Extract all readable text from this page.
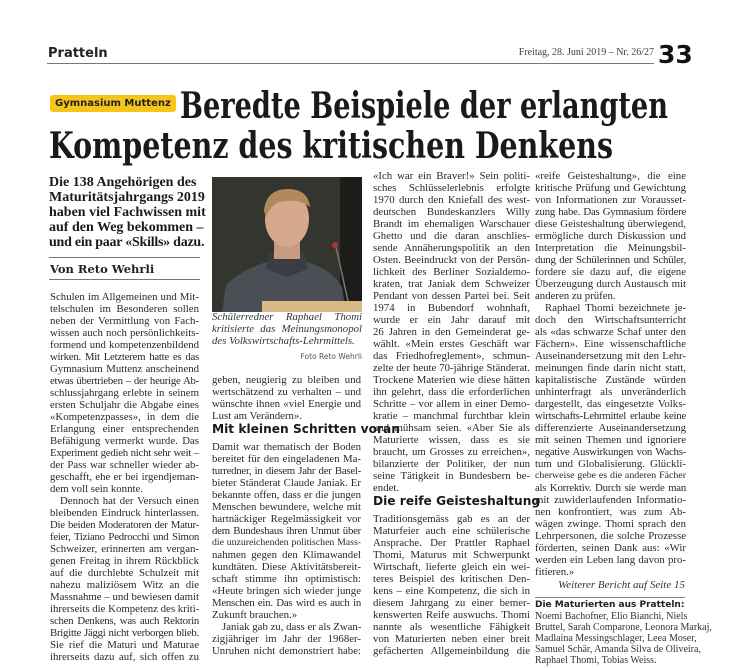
Pratteln	Freitag, 28. Juni 2019 – Nr. 26/27 33
Gymnasium Muttenz Beredte Beispiele der erlangten
Kompetenz des kritischen Denkens
Die 138 Angehörigen des
Maturitätsjahrgangs 2019
haben viel Fachwissen mit
auf den Weg bekommen –
und ein paar «Skills» dazu.
Von Reto Wehrli
Schülerredner Raphael Thomi
kritisierte das Meinungsmonopol
des Volkswirtschafts-Lehrmittels.
Foto Reto Wehrli
Schulen im Allgemeinen und Mit-
telschulen im Besonderen sollen
neben der Vermittlung von Fach-
wissen auch noch persönlichkeits-
formend und kompetenzenbildend
wirken. Mit Letzterem hatte es das
Gymnasium Muttenz anscheinend
etwas übertrieben – der heurige Ab-
schlussjahrgang erlebte in seinem
ersten Schuljahr die Abgabe eines
«Kompetenzpasses», in dem die
Erlangung einer entsprechenden
Befähigung vermerkt wurde. Das
Experiment gedieh nicht sehr weit –
der Pass war schneller wieder ab-
geschafft, ehe er bei irgendjeman-
dem voll sein konnte.
Dennoch hat der Versuch einen
bleibenden Eindruck hinterlassen.
Die beiden Moderatoren der Matur-
feier, Tiziano Pedrocchi und Simon
Schweizer, erinnerten am vergan-
genen Freitag in ihrem Rückblick
auf die durchlebte Schulzeit mit
nahezu maliziösem Witz an die
Massnahme – und bewiesen damit
ihrerseits die Kompetenz des kriti-
schen Denkens, was auch Rektorin
Brigitte Jäggi nicht verborgen blieb.
Sie rief die Maturi und Maturae
ihrerseits dazu auf, sich offen zu
geben, neugierig zu bleiben und
wertschätzend zu verhalten – und
wünschte ihnen «viel Energie und
Lust am Verändern».
Mit kleinen Schritten voran
Damit war thematisch der Boden
bereitet für den eingeladenen Ma-
turredner, in diesem Jahr der Basel-
bieter Ständerat Claude Janiak. Er
bekannte offen, dass er die jungen
Menschen bewundere, welche mit
hartnäckiger Regelmässigkeit vor
dem Bundeshaus ihren Unmut über
die unzureichenden politischen Mass-
nahmen gegen den Klimawandel
kundtäten. Diese Aktivitätsbereit-
schaft stimme ihn optimistisch:
«Heute bringen sich wieder junge
Menschen ein. Das wird es auch in
Zukunft brauchen.»
Janiak gab zu, dass er als Zwan-
zigjähriger im Jahr der 1968er-
Unruhen nicht demonstriert habe:
«Ich war ein Braver!» Sein politi-
sches Schlüsselerlebnis erfolgte
1970 durch den Kniefall des west-
deutschen Bundeskanzlers Willy
Brandt im ehemaligen Warschauer
Ghetto und die daran anschlies-
sende Annäherungspolitik an den
Osten. Beeindruckt von der Persön-
lichkeit des Berliner Sozialdemo-
kraten, trat Janiak dem Schweizer
Pendant von dessen Partei bei. Seit
1974 in Bubendorf wohnhaft,
wurde er ein Jahr darauf mit
26 Jahren in den Gemeinderat ge-
wählt. «Mein erstes Geschäft war
das Friedhofreglement», schmun-
zelte der heute 70-jährige Ständerat.
Trockene Materien wie diese hätten
ihn gelehrt, dass die erforderlichen
Schritte – vor allem in einer Demo-
kratie – manchmal furchtbar klein
und mühsam seien. «Aber Sie als
Maturierte wissen, dass es sie
braucht, um Grosses zu erreichen»,
bilanzierte der Politiker, der nun
seine Tätigkeit in Bundesbern be-
endet.
Die reife Geisteshaltung
Traditionsgemäss gab es an der
Maturfeier auch eine schülerische
Ansprache. Der Prattler Raphael
Thomi, Maturus mit Schwerpunkt
Wirtschaft, lieferte gleich ein wei-
teres Beispiel des kritischen Den-
kens – eine Kompetenz, die sich in
diesem Jahrgang zu einer bemer-
kenswerten Reife auswuchs. Thomi
nannte als wesentliche Fähigkeit
von Maturierten neben einer breit
gefächerten Allgemeinbildung die
«reife Geisteshaltung», die eine
kritische Prüfung und Gewichtung
von Informationen zur Vorausset-
zung habe. Das Gymnasium fördere
diese Geisteshaltung überwiegend,
ermögliche durch Diskussion und
Interpretation die Meinungsbil-
dung der Schülerinnen und Schüler,
fordere sie dazu auf, die eigene
Überzeugung durch Austausch mit
anderen zu prüfen.
Raphael Thomi bezeichnete je-
doch den Wirtschaftsunterricht
als «das schwarze Schaf unter den
Fächern». Eine wissenschaftliche
Auseinandersetzung mit den Lehr-
meinungen finde darin nicht statt,
kapitalistische Zustände würden
unhinterfragt als unveränderlich
dargestellt, das eingesetzte Volks-
wirtschafts-Lehrmittel erlaube keine
differenzierte Auseinandersetzung
mit seinen Themen und ignoriere
negative Auswirkungen von Wachs-
tum und Globalisierung. Glückli-
cherweise gebe es die anderen Fächer
als Korrektiv. Durch sie werde man
mit zuwiderlaufenden Informatio-
nen konfrontiert, was zum Ab-
wägen zwinge. Thomi sprach den
Lehrpersonen, die solche Prozesse
förderten, seinen Dank aus: «Wir
werden ein Leben lang davon pro-
fitieren.»
Weiterer Bericht auf Seite 15
Die Maturierten aus Pratteln:
Noemi Bachofner, Elio Bianchi, Niels
Bruttel, Sarah Comparone, Leonora Markaj,
Madlaina Messingschlager, Leea Moser,
Samuel Schär, Amanda Silva de Oliveira,
Raphael Thomi, Tobias Weiss.
